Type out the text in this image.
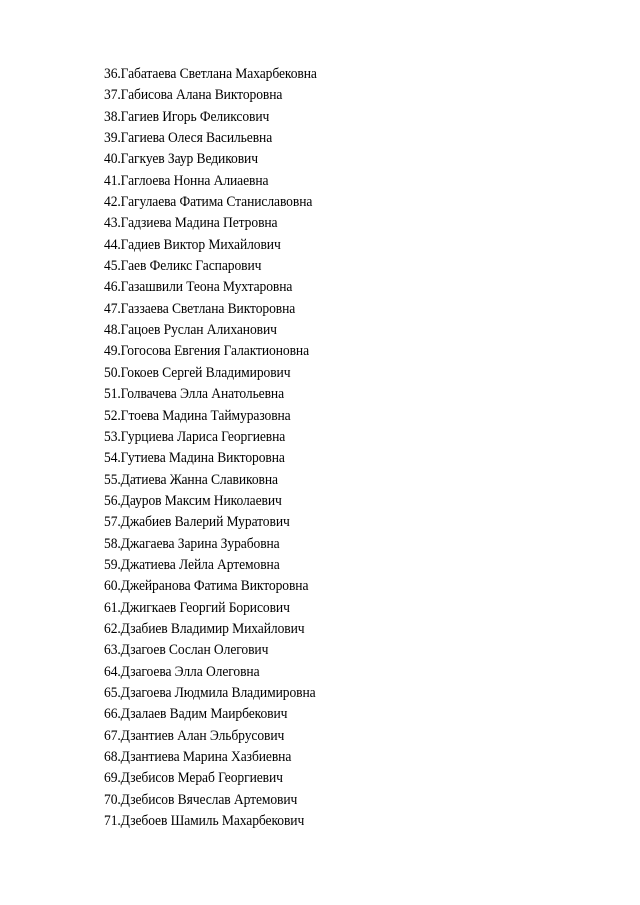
36.Габатаева Светлана Махарбековна
37.Габисова Алана Викторовна
38.Гагиев Игорь Феликсович
39.Гагиева Олеся Васильевна
40.Гагкуев Заур Ведикович
41.Гаглоева Нонна Алиаевна
42.Гагулаева Фатима Станиславовна
43.Гадзиева Мадина Петровна
44.Гадиев Виктор Михайлович
45.Гаев Феликс Гаспарович
46.Газашвили Теона Мухтаровна
47.Газзаева Светлана Викторовна
48.Гацоев Руслан Алиханович
49.Гогосова Евгения Галактионовна
50.Гокоев Сергей Владимирович
51.Голвачева Элла Анатольевна
52.Гтоева Мадина Таймуразовна
53.Гурциева Лариса Георгиевна
54.Гутиева Мадина Викторовна
55.Датиева Жанна Славиковна
56.Дауров Максим Николаевич
57.Джабиев Валерий Муратович
58.Джагаева Зарина Зурабовна
59.Джатиева Лейла Артемовна
60.Джейранова Фатима Викторовна
61.Джигкаев Георгий Борисович
62.Дзабиев Владимир Михайлович
63.Дзагоев Сослан Олегович
64.Дзагоева Элла Олеговна
65.Дзагоева Людмила Владимировна
66.Дзалаев Вадим Маирбекович
67.Дзантиев Алан Эльбрусович
68.Дзантиева Марина Хазбиевна
69.Дзебисов Мераб Георгиевич
70.Дзебисов Вячеслав Артемович
71.Дзебоев Шамиль Махарбекович
